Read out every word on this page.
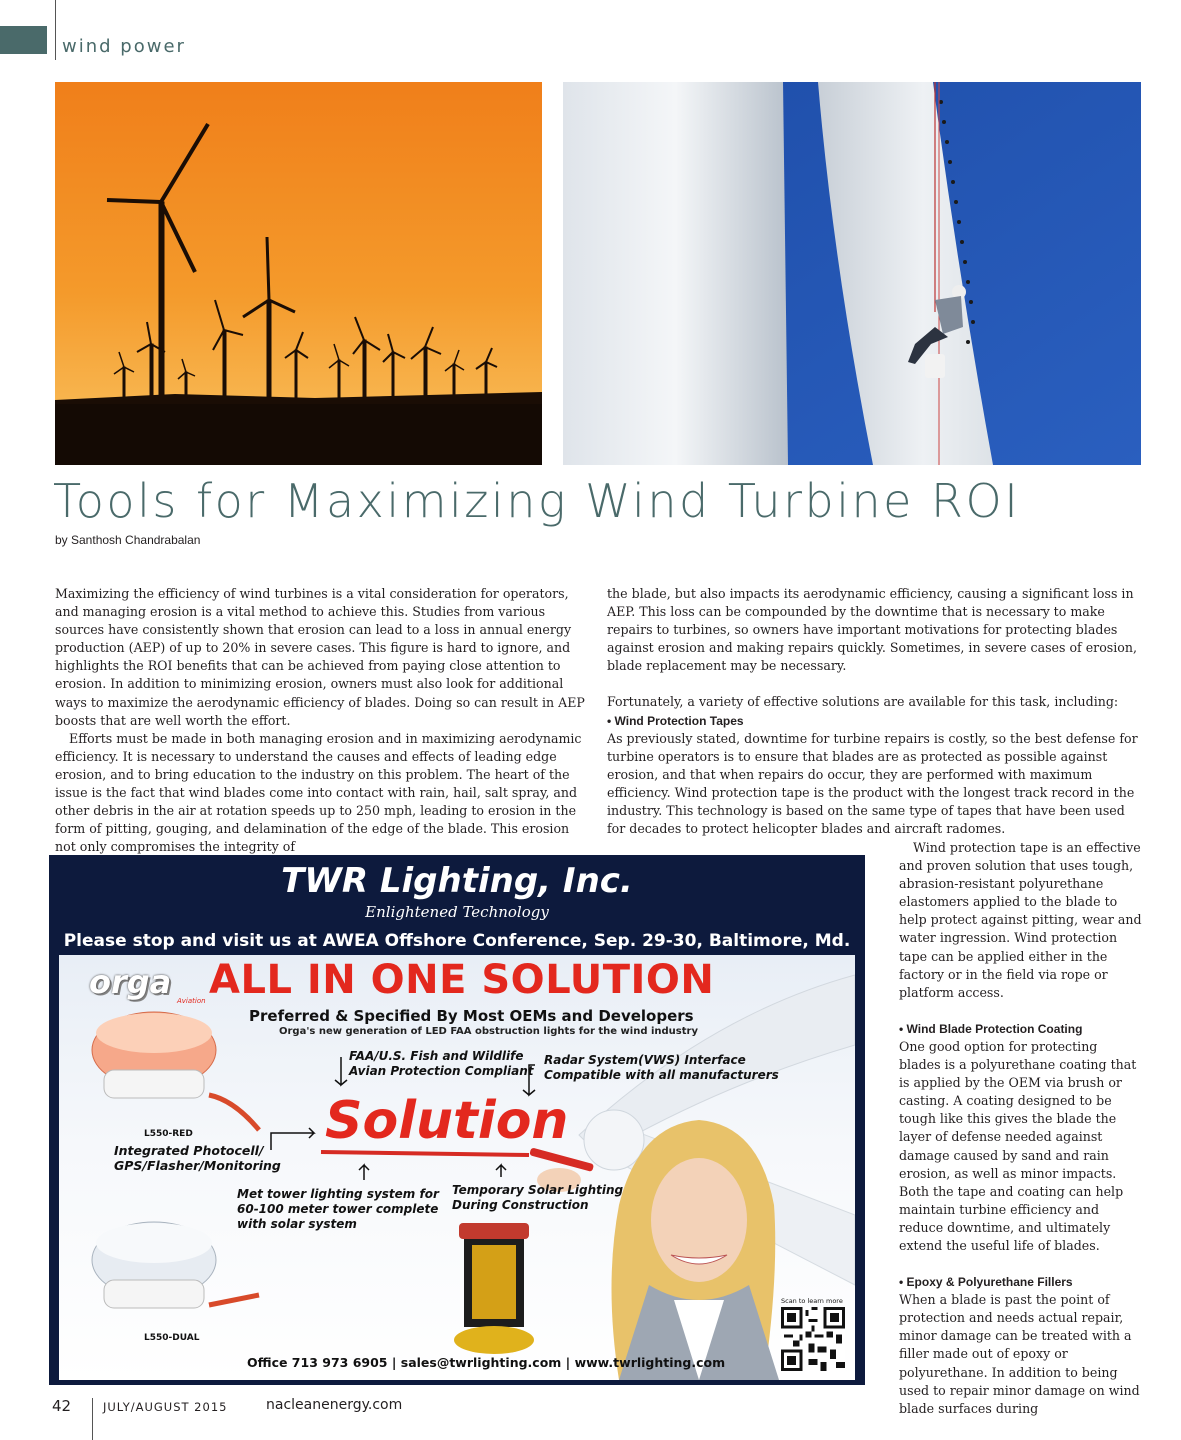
wind power
Tools for Maximizing Wind Turbine ROI
by Santhosh Chandrabalan

Maximizing the efficiency of wind turbines is a vital consideration for operators, and managing erosion is a vital method to achieve this. Studies from various sources have consistently shown that erosion can lead to a loss in annual energy production (AEP) of up to 20% in severe cases. This figure is hard to ignore, and highlights the ROI benefits that can be achieved from paying close attention to erosion. In addition to minimizing erosion, owners must also look for additional ways to maximize the aerodynamic efficiency of blades. Doing so can result in AEP boosts that are well worth the effort.

Efforts must be made in both managing erosion and in maximizing aerodynamic efficiency. It is necessary to understand the causes and effects of leading edge erosion, and to bring education to the industry on this problem. The heart of the issue is the fact that wind blades come into contact with rain, hail, salt spray, and other debris in the air at rotation speeds up to 250 mph, leading to erosion in the form of pitting, gouging, and delamination of the edge of the blade. This erosion not only compromises the integrity of

the blade, but also impacts its aerodynamic efficiency, causing a significant loss in AEP. This loss can be compounded by the downtime that is necessary to make repairs to turbines, so owners have important motivations for protecting blades against erosion and making repairs quickly. Sometimes, in severe cases of erosion, blade replacement may be necessary.

Fortunately, a variety of effective solutions are available for this task, including:

• Wind Protection Tapes

As previously stated, downtime for turbine repairs is costly, so the best defense for turbine operators is to ensure that blades are as protected as possible against erosion, and that when repairs do occur, they are performed with maximum efficiency. Wind protection tape is the product with the longest track record in the industry. This technology is based on the same type of tapes that have been used for decades to protect helicopter blades and aircraft radomes.

Wind protection tape is an effective and proven solution that uses tough, abrasion-resistant polyurethane elastomers applied to the blade to help protect against pitting, wear and water ingression. Wind protection tape can be applied either in the factory or in the field via rope or platform access.

• Wind Blade Protection Coating

One good option for protecting blades is a polyurethane coating that is applied by the OEM via brush or casting. A coating designed to be tough like this gives the blade the layer of defense needed against damage caused by sand and rain erosion, as well as minor impacts. Both the tape and coating can help maintain turbine efficiency and reduce downtime, and ultimately extend the useful life of blades.

• Epoxy & Polyurethane Fillers

When a blade is past the point of protection and needs actual repair, minor damage can be treated with a filler made out of epoxy or polyurethane. In addition to being used to repair minor damage on wind blade surfaces during

TWR Lighting, Inc.
Enlightened Technology
Please stop and visit us at AWEA Offshore Conference, Sep. 29-30, Baltimore, Md.
orga Aviation ALL IN ONE SOLUTION
Preferred & Specified By Most OEMs and Developers
Orga's new generation of LED FAA obstruction lights for the wind industry
FAA/U.S. Fish and Wildlife
Avian Protection Compliant
Radar System(VWS) Interface
Compatible with all manufacturers
Solution
Integrated Photocell/
GPS/Flasher/Monitoring
Met tower lighting system for
60-100 meter tower complete
with solar system
Temporary Solar Lighting
During Construction
L550-RED
L550-DUAL
Office 713 973 6905 | sales@twrlighting.com | www.twrlighting.com
Scan to learn more
42	JULY/AUGUST 2015	nacleanenergy.com
